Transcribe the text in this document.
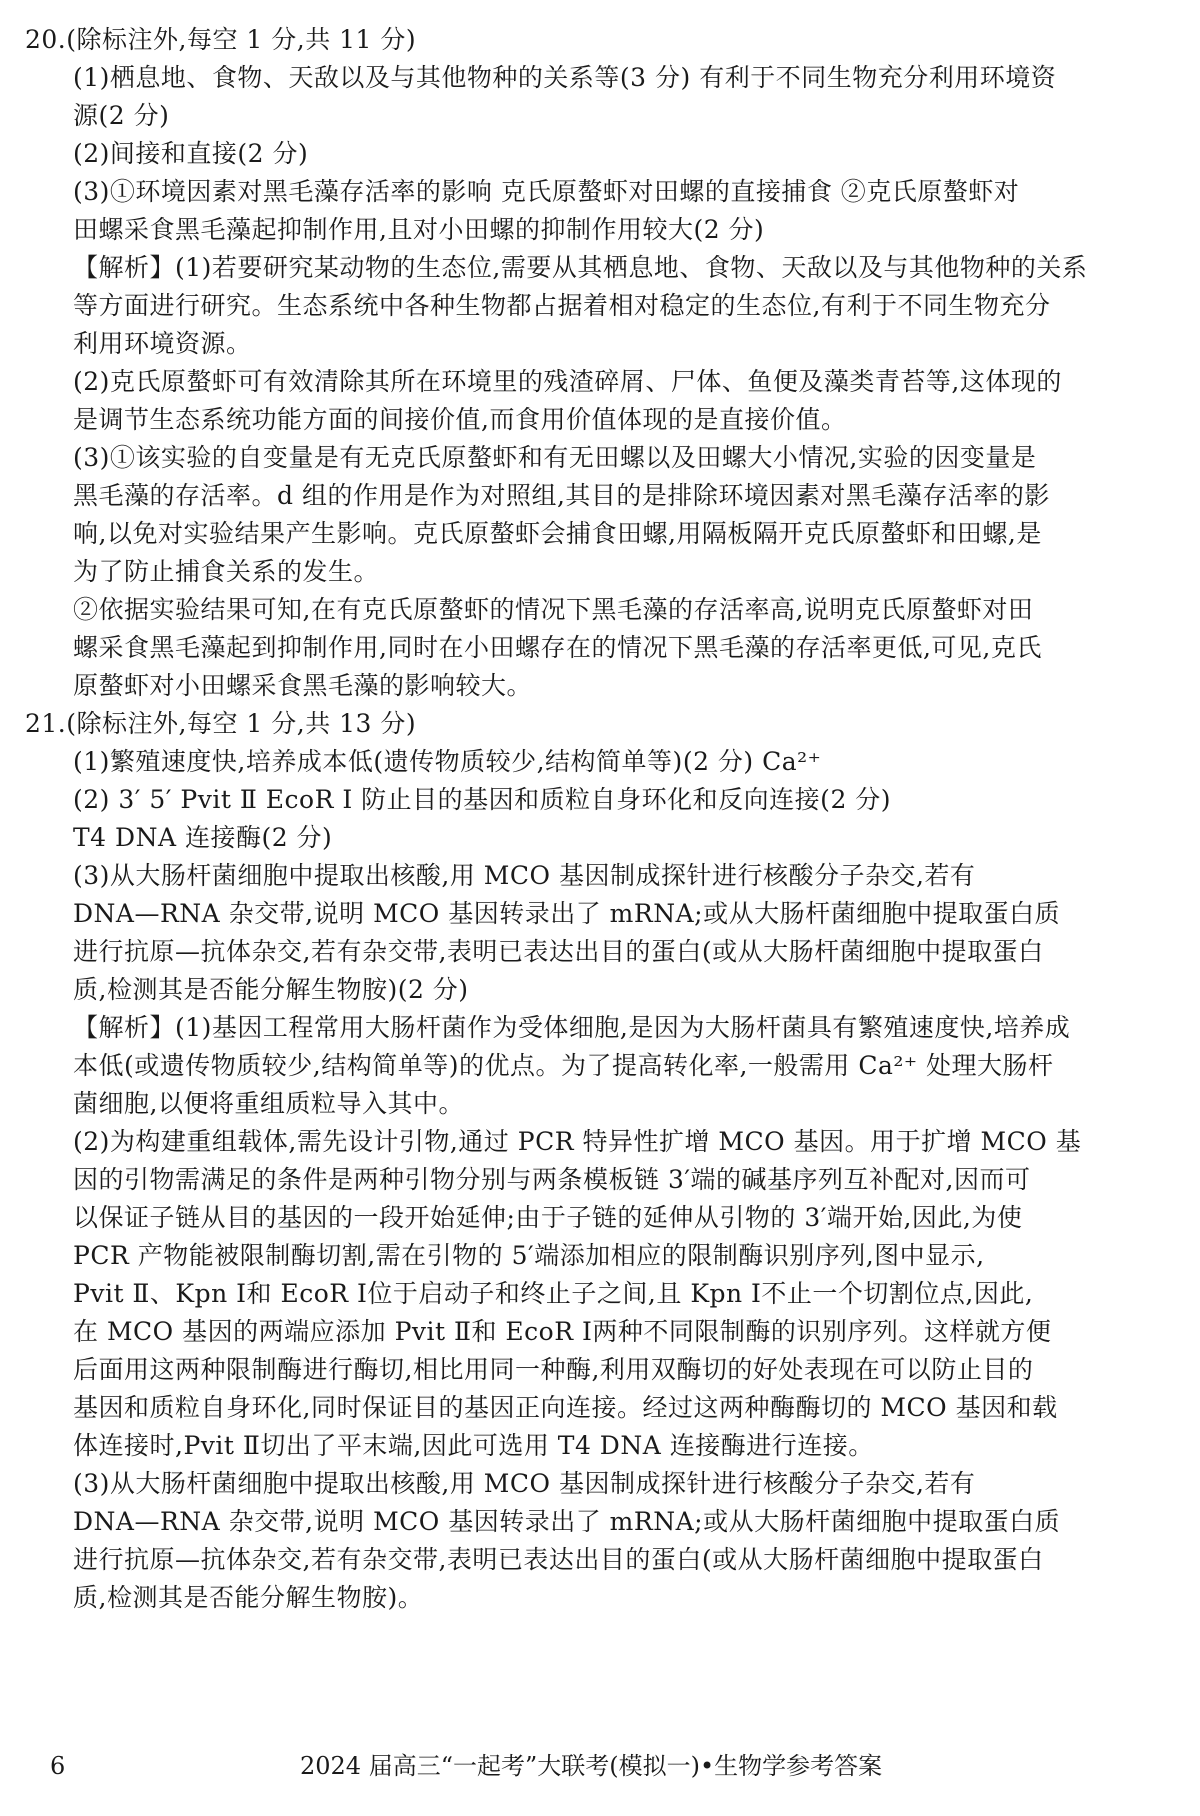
20.(除标注外,每空 1 分,共 11 分)
(1)栖息地、食物、天敌以及与其他物种的关系等(3 分) 有利于不同生物充分利用环境资
源(2 分)
(2)间接和直接(2 分)
(3)①环境因素对黑毛藻存活率的影响 克氏原螯虾对田螺的直接捕食 ②克氏原螯虾对
田螺采食黑毛藻起抑制作用,且对小田螺的抑制作用较大(2 分)
【解析】(1)若要研究某动物的生态位,需要从其栖息地、食物、天敌以及与其他物种的关系
等方面进行研究。生态系统中各种生物都占据着相对稳定的生态位,有利于不同生物充分
利用环境资源。
(2)克氏原螯虾可有效清除其所在环境里的残渣碎屑、尸体、鱼便及藻类青苔等,这体现的
是调节生态系统功能方面的间接价值,而食用价值体现的是直接价值。
(3)①该实验的自变量是有无克氏原螯虾和有无田螺以及田螺大小情况,实验的因变量是
黑毛藻的存活率。d 组的作用是作为对照组,其目的是排除环境因素对黑毛藻存活率的影
响,以免对实验结果产生影响。克氏原螯虾会捕食田螺,用隔板隔开克氏原螯虾和田螺,是
为了防止捕食关系的发生。
②依据实验结果可知,在有克氏原螯虾的情况下黑毛藻的存活率高,说明克氏原螯虾对田
螺采食黑毛藻起到抑制作用,同时在小田螺存在的情况下黑毛藻的存活率更低,可见,克氏
原螯虾对小田螺采食黑毛藻的影响较大。
21.(除标注外,每空 1 分,共 13 分)
(1)繁殖速度快,培养成本低(遗传物质较少,结构简单等)(2 分) Ca²⁺
(2) 3′ 5′ Pvit Ⅱ EcoR Ⅰ 防止目的基因和质粒自身环化和反向连接(2 分)
T4 DNA 连接酶(2 分)
(3)从大肠杆菌细胞中提取出核酸,用 MCO 基因制成探针进行核酸分子杂交,若有
DNA—RNA 杂交带,说明 MCO 基因转录出了 mRNA;或从大肠杆菌细胞中提取蛋白质
进行抗原—抗体杂交,若有杂交带,表明已表达出目的蛋白(或从大肠杆菌细胞中提取蛋白
质,检测其是否能分解生物胺)(2 分)
【解析】(1)基因工程常用大肠杆菌作为受体细胞,是因为大肠杆菌具有繁殖速度快,培养成
本低(或遗传物质较少,结构简单等)的优点。为了提高转化率,一般需用 Ca²⁺ 处理大肠杆
菌细胞,以便将重组质粒导入其中。
(2)为构建重组载体,需先设计引物,通过 PCR 特异性扩增 MCO 基因。用于扩增 MCO 基
因的引物需满足的条件是两种引物分别与两条模板链 3′端的碱基序列互补配对,因而可
以保证子链从目的基因的一段开始延伸;由于子链的延伸从引物的 3′端开始,因此,为使
PCR 产物能被限制酶切割,需在引物的 5′端添加相应的限制酶识别序列,图中显示,
Pvit Ⅱ、Kpn Ⅰ和 EcoR Ⅰ位于启动子和终止子之间,且 Kpn Ⅰ不止一个切割位点,因此,
在 MCO 基因的两端应添加 Pvit Ⅱ和 EcoR Ⅰ两种不同限制酶的识别序列。这样就方便
后面用这两种限制酶进行酶切,相比用同一种酶,利用双酶切的好处表现在可以防止目的
基因和质粒自身环化,同时保证目的基因正向连接。经过这两种酶酶切的 MCO 基因和载
体连接时,Pvit Ⅱ切出了平末端,因此可选用 T4 DNA 连接酶进行连接。
(3)从大肠杆菌细胞中提取出核酸,用 MCO 基因制成探针进行核酸分子杂交,若有
DNA—RNA 杂交带,说明 MCO 基因转录出了 mRNA;或从大肠杆菌细胞中提取蛋白质
进行抗原—抗体杂交,若有杂交带,表明已表达出目的蛋白(或从大肠杆菌细胞中提取蛋白
质,检测其是否能分解生物胺)。
6	2024 届高三“一起考”大联考(模拟一)•生物学参考答案
